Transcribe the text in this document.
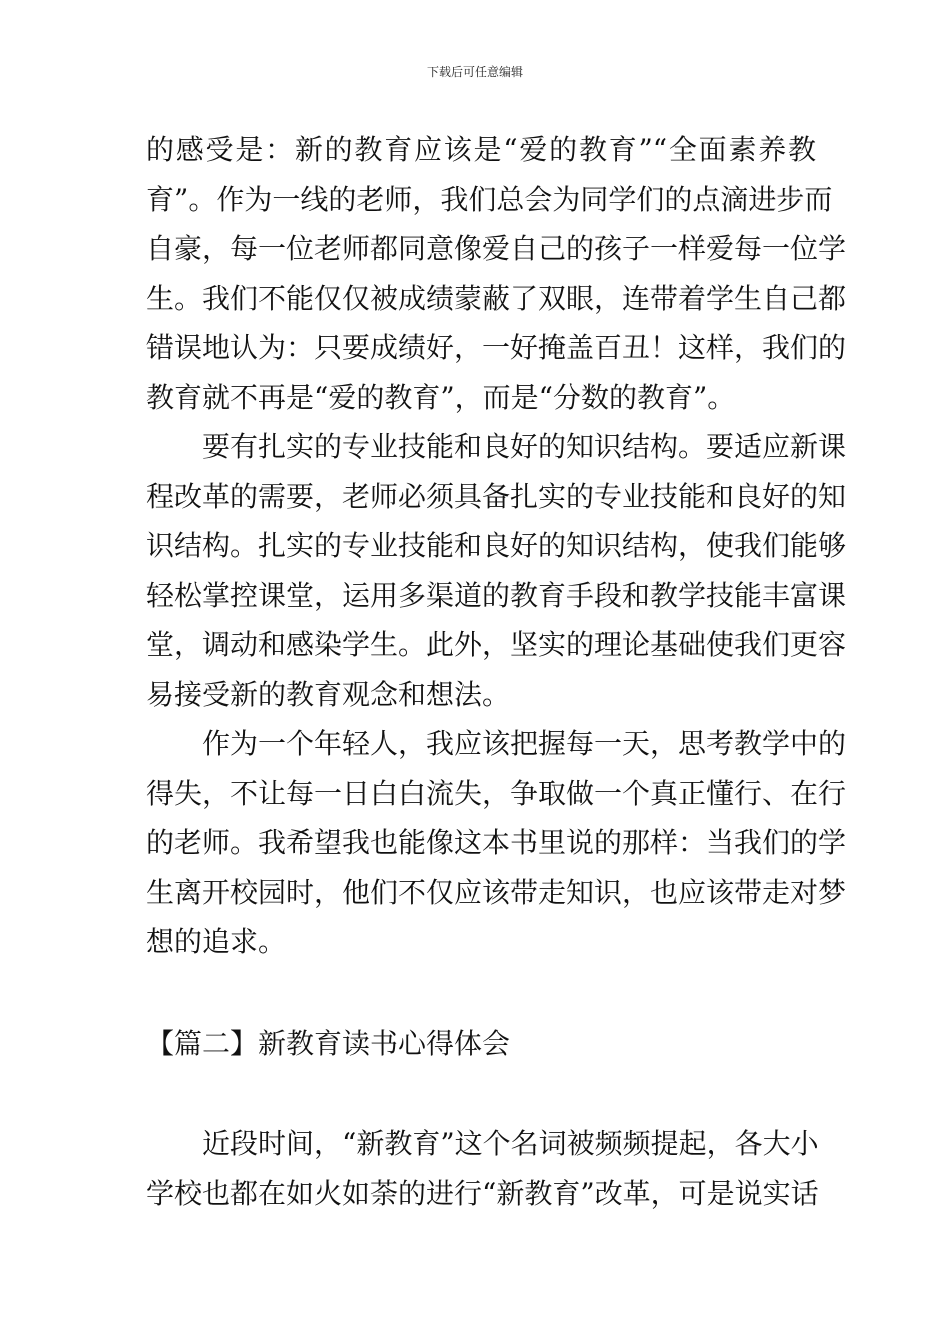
下载后可任意编辑
的感受是：新的教育应该是“爱的教育”“全面素养教
育”。作为一线的老师，我们总会为同学们的点滴进步而
自豪，每一位老师都同意像爱自己的孩子一样爱每一位学
生。我们不能仅仅被成绩蒙蔽了双眼，连带着学生自己都
错误地认为：只要成绩好，一好掩盖百丑！这样，我们的
教育就不再是“爱的教育”，而是“分数的教育”。
要有扎实的专业技能和良好的知识结构。要适应新课
程改革的需要，老师必须具备扎实的专业技能和良好的知
识结构。扎实的专业技能和良好的知识结构，使我们能够
轻松掌控课堂，运用多渠道的教育手段和教学技能丰富课
堂，调动和感染学生。此外，坚实的理论基础使我们更容
易接受新的教育观念和想法。
作为一个年轻人，我应该把握每一天，思考教学中的
得失，不让每一日白白流失，争取做一个真正懂行、在行
的老师。我希望我也能像这本书里说的那样：当我们的学
生离开校园时，他们不仅应该带走知识，也应该带走对梦
想的追求。
【篇二】新教育读书心得体会
近段时间，“新教育”这个名词被频频提起，各大小
学校也都在如火如荼的进行“新教育”改革，可是说实话
